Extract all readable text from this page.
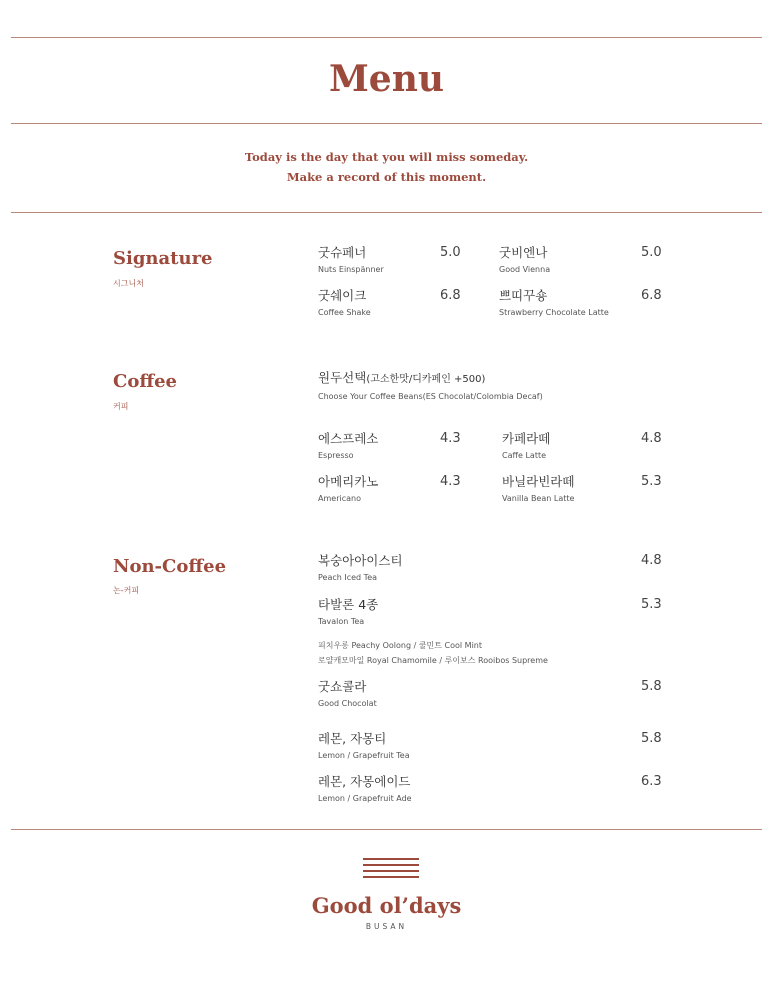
Menu
Today is the day that you will miss someday.
Make a record of this moment.
Signature
시그니처
굿슈페너
Nuts Einspänner
5.0	굿비엔나
Good Vienna
5.0
굿쉐이크
Coffee Shake
6.8	쁘띠꾸숑
Strawberry Chocolate Latte
6.8
Coffee
커피
원두선택(고소한맛/디카페인 +500)
Choose Your Coffee Beans(ES Chocolat/Colombia Decaf)
에스프레소
Espresso
4.3	카페라떼
Caffe Latte
4.8
아메리카노
Americano
4.3	바닐라빈라떼
Vanilla Bean Latte
5.3
Non-Coffee
논-커피
복숭아아이스티
Peach Iced Tea
4.8
타발론 4종
Tavalon Tea
5.3
피치우롱 Peachy Oolong / 쿨민트 Cool Mint
로얄캐모마일 Royal Chamomile / 루이보스 Rooibos Supreme
굿쇼콜라
Good Chocolat
5.8
레몬, 자몽티
Lemon / Grapefruit Tea
5.8
레몬, 자몽에이드
Lemon / Grapefruit Ade
6.3
Good ol’days
BUSAN
